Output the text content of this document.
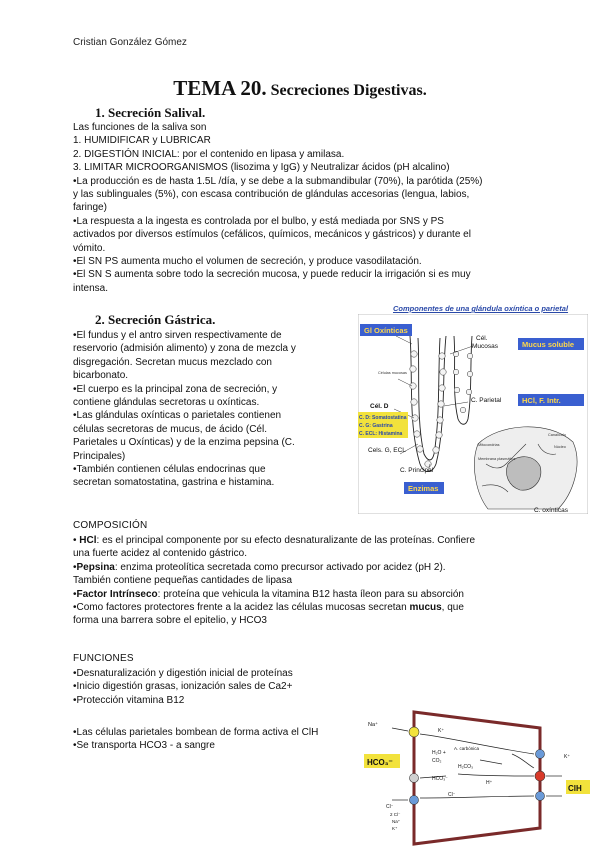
Cristian González Gómez
TEMA 20. Secreciones Digestivas.
1. Secreción Salival.

Las funciones de la saliva son

1. HUMIDIFICAR y LUBRICAR

2. DIGESTIÓN INICIAL: por el contenido en lipasa y amilasa.

3. LIMITAR MICROORGANISMOS (lisozima y IgG) y Neutralizar ácidos (pH alcalino)

•La producción es de hasta 1.5L /día, y se debe a la submandibular (70%), la parótida (25%)

y las sublinguales (5%), con escasa contribución de glándulas accesorias (lengua, labios,

faringe)

•La respuesta a la ingesta es controlada por el bulbo, y está mediada por SNS y PS

activados por diversos estímulos (cefálicos, químicos, mecánicos y gástricos) y durante el

vómito.

•El SN PS aumenta mucho el volumen de secreción, y produce vasodilatación.

•El SN S aumenta sobre todo la secreción mucosa, y puede reducir la irrigación si es muy

intensa.

2. Secreción Gástrica.

•El fundus y el antro sirven respectivamente de

reservorio (admisión alimento) y zona de mezcla y

disgregación. Secretan mucus mezclado con

bicarbonato.

•El cuerpo es la principal zona de secreción, y

contiene glándulas secretoras u oxínticas.

•Las glándulas oxínticas o parietales contienen

células secretoras de mucus, de ácido (Cél.

Parietales u Oxínticas) y de la enzima pepsina (C.

Principales)

•También contienen células endocrinas que

secretan somatostatina, gastrina e histamina.

Componentes de una glándula oxíntica o parietal
Gl Oxínticas
Cél.
Mucosas	Mucus soluble
C. Parietal	HCl, F. Intr.
Cél. D
C. D: Somatostatina
C. G: Gastrina
C. ECL: Histamina
Cels. G, ECL
C. Principal
Enzimas
C. oxínticas
Células mucosas
Mitocondrias
Membrana plasmática
Canalículo
Núcleo
COMPOSICIÓN

• HCl: es el principal componente por su efecto desnaturalizante de las proteínas. Confiere

una fuerte acidez al contenido gástrico.

•Pepsina: enzima proteolítica secretada como precursor activado por acidez (pH 2).

También contiene pequeñas cantidades de lipasa

•Factor Intrínseco: proteína que vehicula la vitamina B12 hasta íleon para su absorción

•Como factores protectores frente a la acidez las células mucosas secretan mucus, que

forma una barrera sobre el epitelio, y HCO3

FUNCIONES

•Desnaturalización y digestión inicial de proteínas

•Inicio digestión grasas, ionización sales de Ca2+

•Protección vitamina B12

•Las células parietales bombean de forma activa el ClH

•Se transporta HCO3 - a sangre

Na⁺
K⁺
H₂O +
CO₂
A. carbónica
H₂CO₃
HCO₃⁻
H⁺
K⁺
HCO₃⁻
Cl⁻
Cl⁻
ClH
2 Cl⁻
Na⁺
K⁺
